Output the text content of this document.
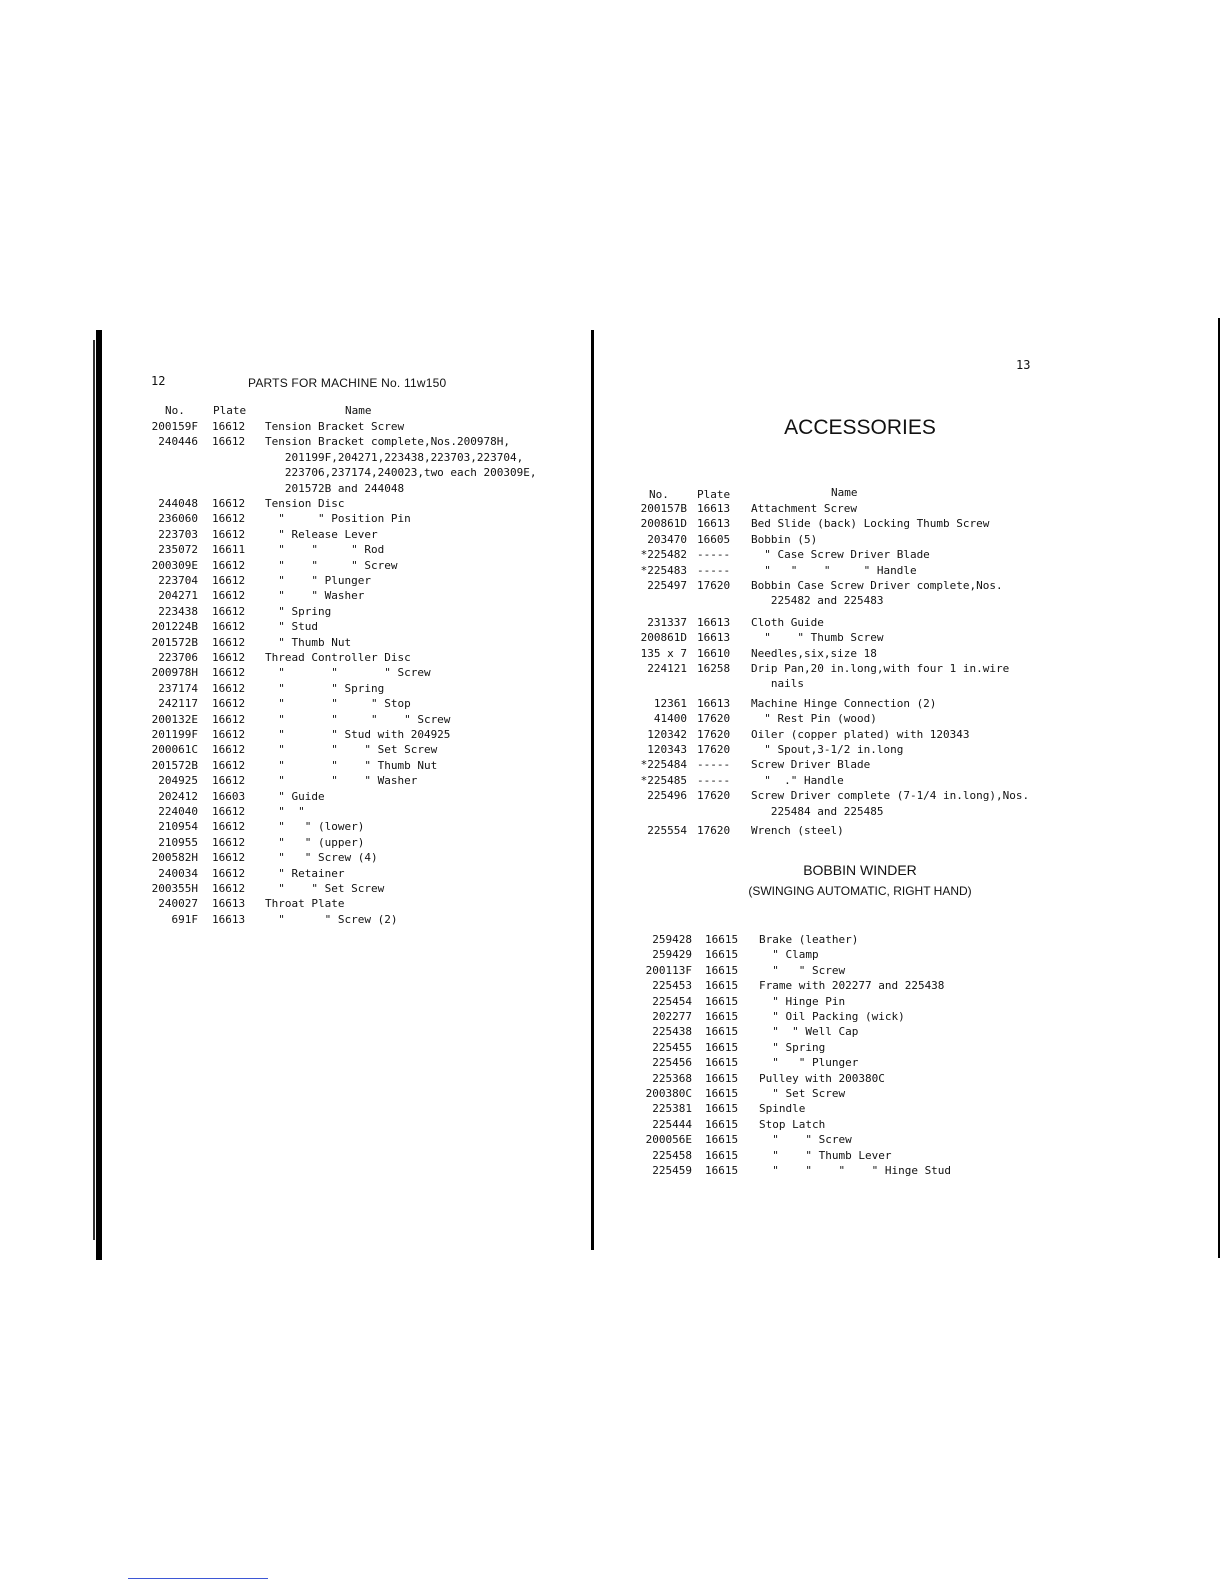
12	PARTS FOR MACHINE No. 11w150
No.	Plate	Name
200159F 16612 Tension Bracket Screw
240446 16612 Tension Bracket complete,Nos.200978H,
201199F,204271,223438,223703,223704,
223706,237174,240023,two each 200309E,
201572B and 244048
244048 16612 Tension Disc
236060 16612 "     " Position Pin
223703 16612 " Release Lever
235072 16611 "    "     " Rod
200309E 16612 "    "     " Screw
223704 16612 "    " Plunger
204271 16612 "    " Washer
223438 16612 " Spring
201224B 16612 " Stud
201572B 16612 " Thumb Nut
223706 16612 Thread Controller Disc
200978H 16612 "       "       " Screw
237174 16612 "       " Spring
242117 16612 "       "     " Stop
200132E 16612 "       "     "    " Screw
201199F 16612 "       " Stud with 204925
200061C 16612 "       "    " Set Screw
201572B 16612 "       "    " Thumb Nut
204925 16612 "       "    " Washer
202412 16603 " Guide
224040 16612 "  "
210954 16612 "   " (lower)
210955 16612 "   " (upper)
200582H 16612 "   " Screw (4)
240034 16612 " Retainer
200355H 16612 "    " Set Screw
240027 16613 Throat Plate
691F 16613 "      " Screw (2)
13
ACCESSORIES
No.	Plate	Name
200157B 16613 Attachment Screw
200861D 16613 Bed Slide (back) Locking Thumb Screw
203470 16605 Bobbin (5)
*225482 ----- " Case Screw Driver Blade
*225483 ----- "   "    "     " Handle
225497 17620 Bobbin Case Screw Driver complete,Nos.
225482 and 225483
231337 16613 Cloth Guide
200861D 16613 "    " Thumb Screw
135 x 7 16610 Needles,six,size 18
224121 16258 Drip Pan,20 in.long,with four 1 in.wire
nails
12361 16613 Machine Hinge Connection (2)
41400 17620 " Rest Pin (wood)
120342 17620 Oiler (copper plated) with 120343
120343 17620 " Spout,3-1/2 in.long
*225484 ----- Screw Driver Blade
*225485 ----- "  ." Handle
225496 17620 Screw Driver complete (7-1/4 in.long),Nos.
225484 and 225485
225554 17620 Wrench (steel)
BOBBIN WINDER
(SWINGING AUTOMATIC, RIGHT HAND)
259428 16615 Brake (leather)
259429 16615 " Clamp
200113F 16615 "   " Screw
225453 16615 Frame with 202277 and 225438
225454 16615 " Hinge Pin
202277 16615 " Oil Packing (wick)
225438 16615 "  " Well Cap
225455 16615 " Spring
225456 16615 "   " Plunger
225368 16615 Pulley with 200380C
200380C 16615 " Set Screw
225381 16615 Spindle
225444 16615 Stop Latch
200056E 16615 "    " Screw
225458 16615 "    " Thumb Lever
225459 16615 "    "    "    " Hinge Stud
